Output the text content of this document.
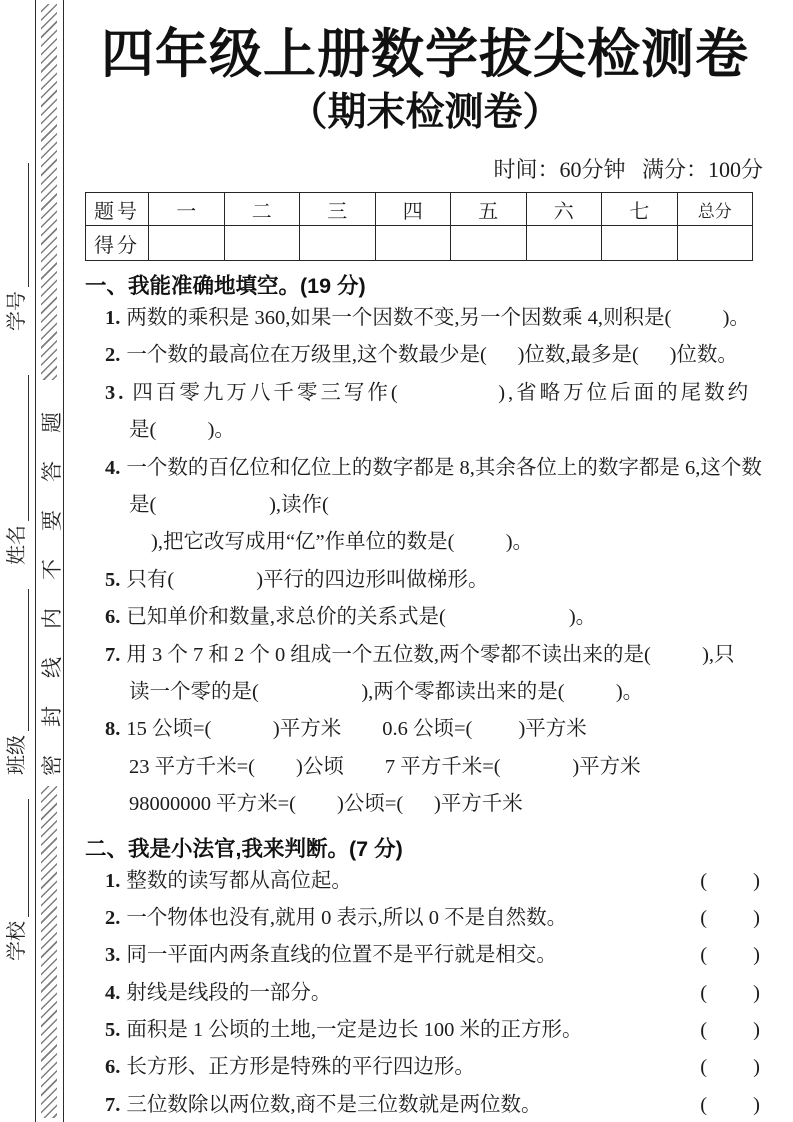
密封线内不要答题
学号
姓名
班级
学校
四年级上册数学拔尖检测卷
（期末检测卷）
时间：60分钟   满分：100分
题号	一	二	三	四	五	六	七	总分
得分								
一、我能准确地填空。(19 分)
1. 两数的乘积是 360,如果一个因数不变,另一个因数乘 4,则积是(          )。
2. 一个数的最高位在万级里,这个数最少是(      )位数,最多是(      )位数。
3. 四百零九万八千零三写作(            ),省略万位后面的尾数约
是(          )。
4. 一个数的百亿位和亿位上的数字都是 8,其余各位上的数字都是 6,这个数
是(                      ),读作(
),把它改写成用“亿”作单位的数是(          )。
5. 只有(                )平行的四边形叫做梯形。
6. 已知单价和数量,求总价的关系式是(                        )。
7. 用 3 个 7 和 2 个 0 组成一个五位数,两个零都不读出来的是(          ),只
读一个零的是(                    ),两个零都读出来的是(          )。
8. 15 公顷=(            )平方米        0.6 公顷=(         )平方米
23 平方千米=(        )公顷        7 平方千米=(              )平方米
98000000 平方米=(        )公顷=(      )平方千米
二、我是小法官,我来判断。(7 分)
1. 整数的读写都从高位起。	(         )
2. 一个物体也没有,就用 0 表示,所以 0 不是自然数。	(         )
3. 同一平面内两条直线的位置不是平行就是相交。	(         )
4. 射线是线段的一部分。	(         )
5. 面积是 1 公顷的土地,一定是边长 100 米的正方形。	(         )
6. 长方形、正方形是特殊的平行四边形。	(         )
7. 三位数除以两位数,商不是三位数就是两位数。	(         )
